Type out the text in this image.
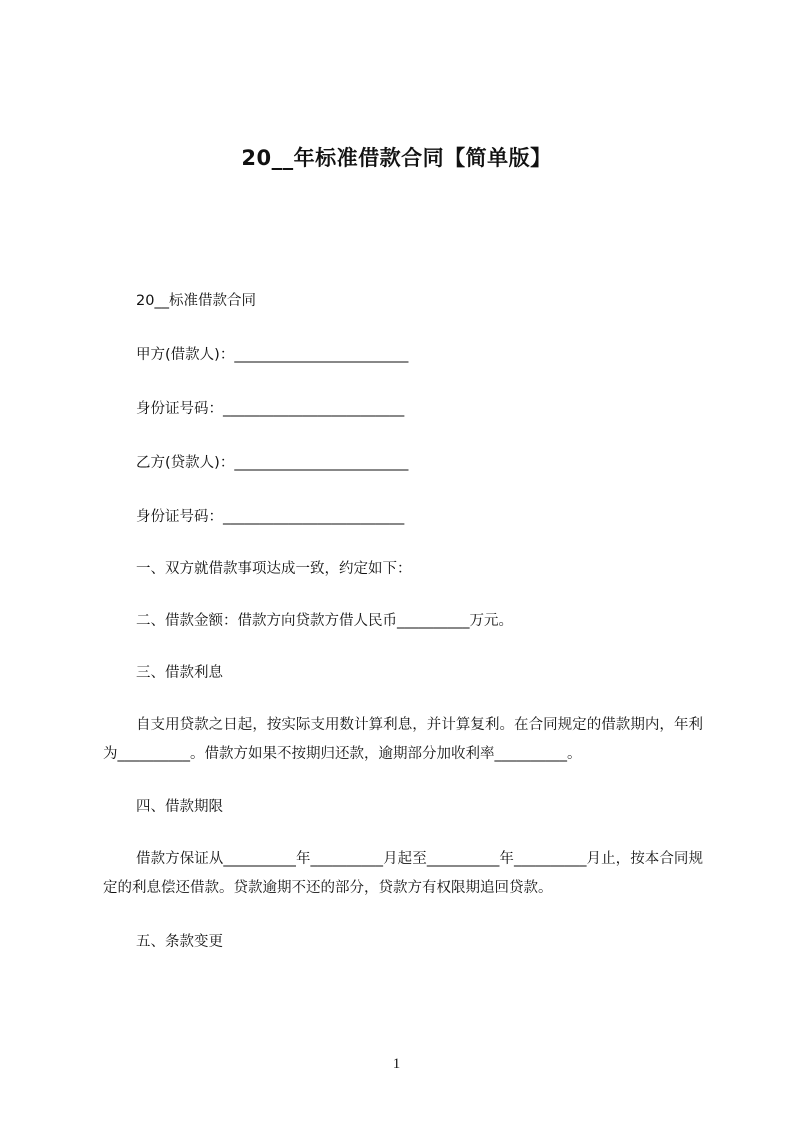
20__年标准借款合同【简单版】
20__标准借款合同
甲方(借款人)：________________________
身份证号码：_________________________
乙方(贷款人)：________________________
身份证号码：_________________________
一、双方就借款事项达成一致，约定如下：
二、借款金额：借款方向贷款方借人民币__________万元。
三、借款利息
自支用贷款之日起，按实际支用数计算利息，并计算复利。在合同规定的借款期内，年利为__________。借款方如果不按期归还款，逾期部分加收利率__________。
四、借款期限
借款方保证从__________年__________月起至__________年__________月止，按本合同规定的利息偿还借款。贷款逾期不还的部分，贷款方有权限期追回贷款。
五、条款变更
1
